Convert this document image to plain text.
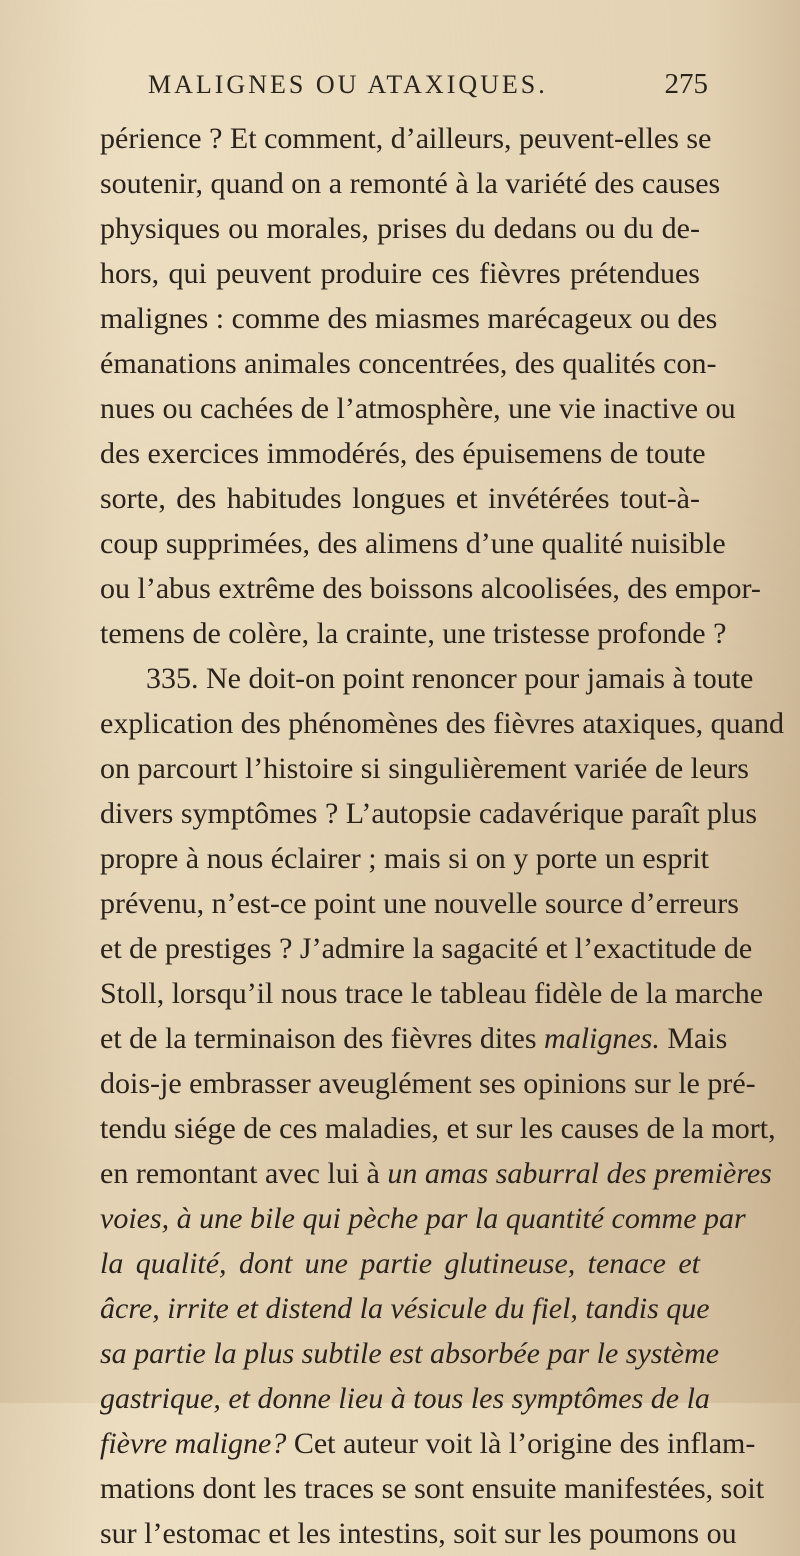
MALIGNES OU ATAXIQUES.	275
périence ? Et comment, d’ailleurs, peuvent-elles se
soutenir, quand on a remonté à la variété des causes
physiques ou morales, prises du dedans ou du de-
hors, qui peuvent produire ces fièvres prétendues
malignes : comme des miasmes marécageux ou des
émanations animales concentrées, des qualités con-
nues ou cachées de l’atmosphère, une vie inactive ou
des exercices immodérés, des épuisemens de toute
sorte, des habitudes longues et invétérées tout-à-
coup supprimées, des alimens d’une qualité nuisible
ou l’abus extrême des boissons alcoolisées, des empor-
temens de colère, la crainte, une tristesse profonde ?
335. Ne doit-on point renoncer pour jamais à toute
explication des phénomènes des fièvres ataxiques, quand
on parcourt l’histoire si singulièrement variée de leurs
divers symptômes ? L’autopsie cadavérique paraît plus
propre à nous éclairer ; mais si on y porte un esprit
prévenu, n’est-ce point une nouvelle source d’erreurs
et de prestiges ? J’admire la sagacité et l’exactitude de
Stoll, lorsqu’il nous trace le tableau fidèle de la marche
et de la terminaison des fièvres dites malignes. Mais
dois-je embrasser aveuglément ses opinions sur le pré-
tendu siége de ces maladies, et sur les causes de la mort,
en remontant avec lui à un amas saburral des premières
voies, à une bile qui pèche par la quantité comme par
la qualité, dont une partie glutineuse, tenace et
âcre, irrite et distend la vésicule du fiel, tandis que
sa partie la plus subtile est absorbée par le système
gastrique, et donne lieu à tous les symptômes de la
fièvre maligne? Cet auteur voit là l’origine des inflam-
mations dont les traces se sont ensuite manifestées, soit
sur l’estomac et les intestins, soit sur les poumons ou
